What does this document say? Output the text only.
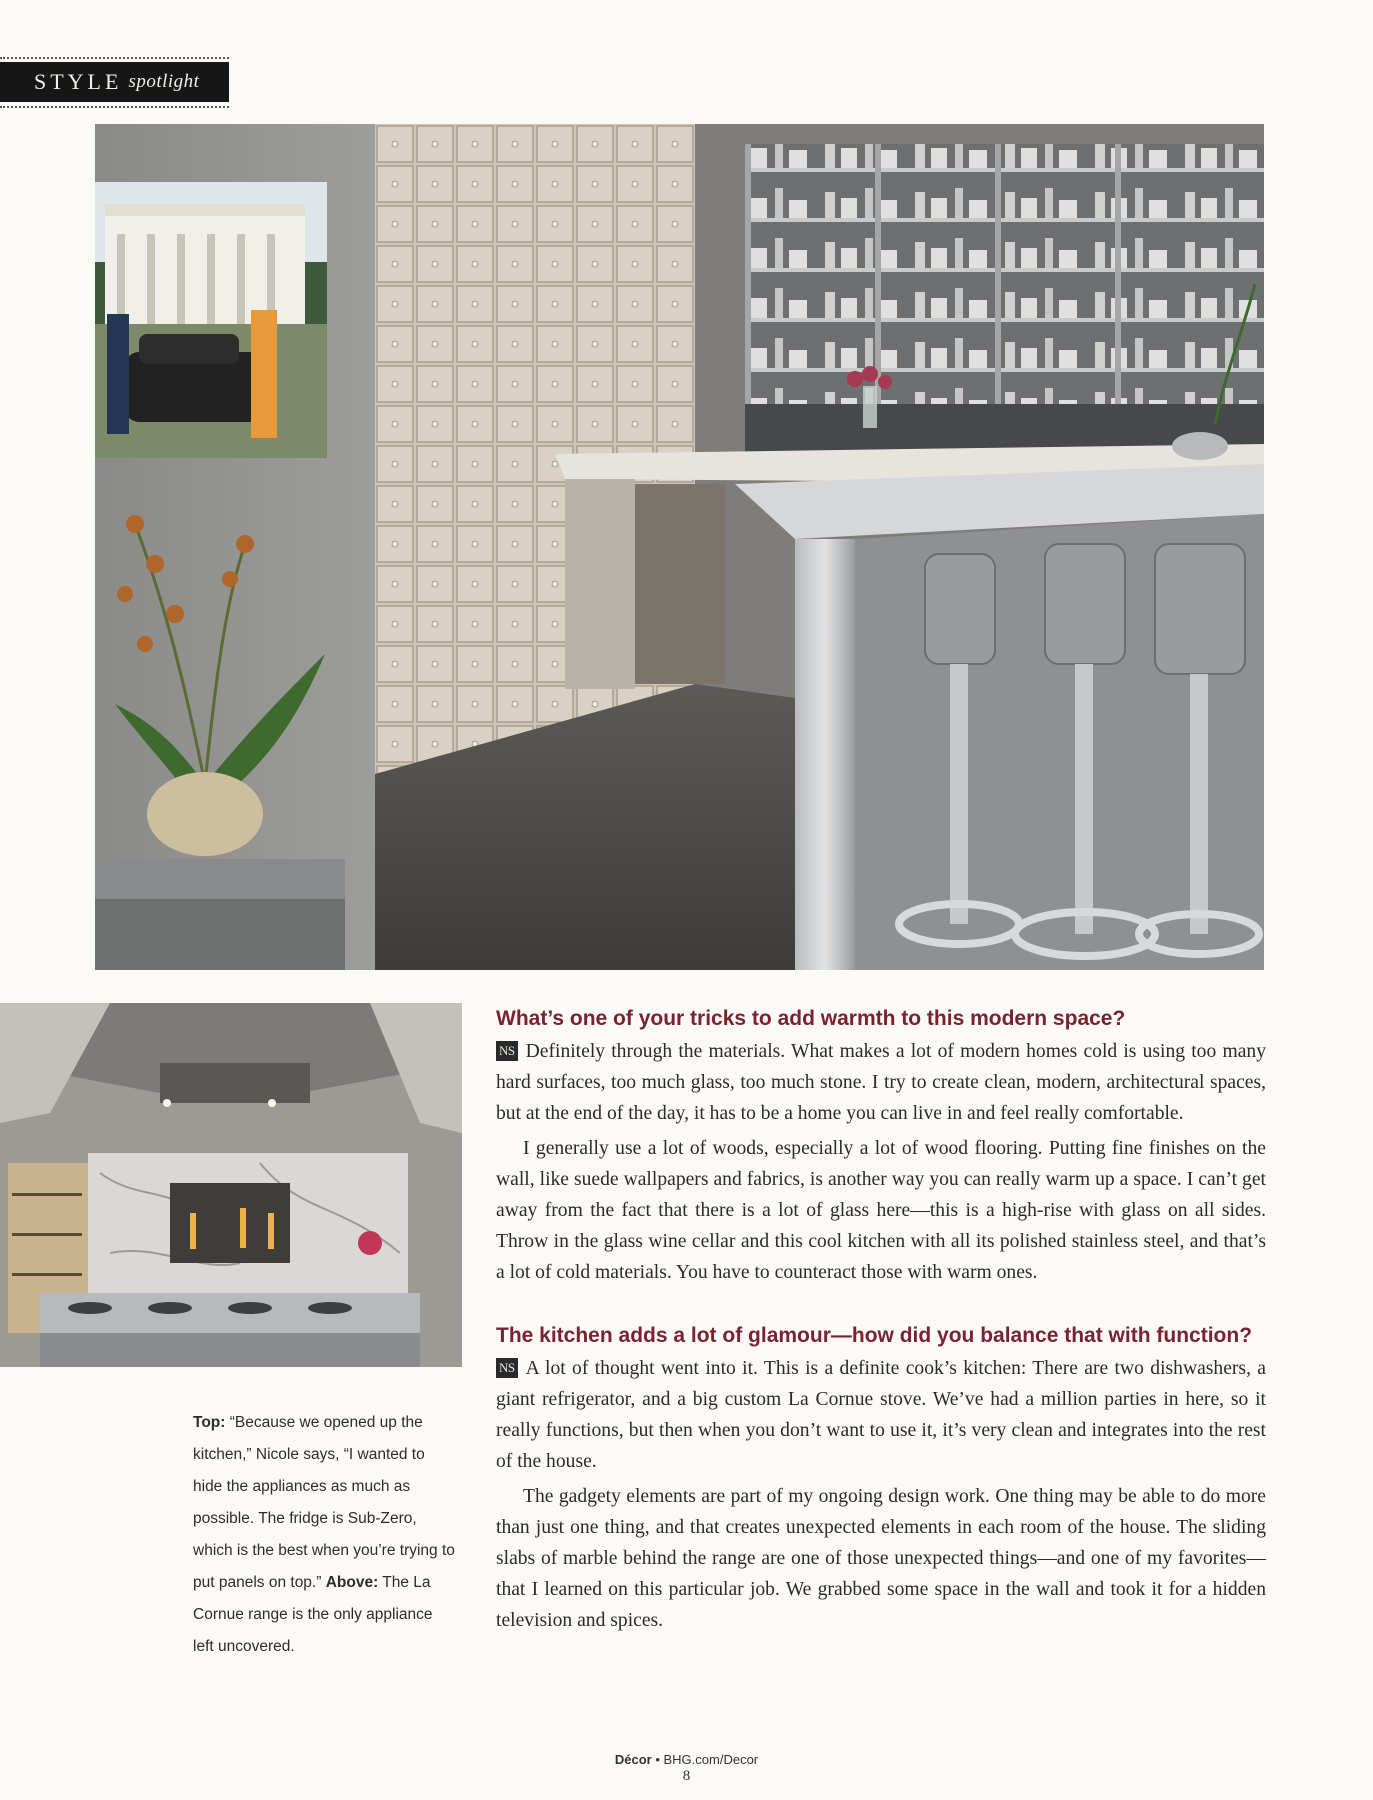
STYLE spotlight
Top: “Because we opened up the kitchen,” Nicole says, “I wanted to hide the appliances as much as possible. The fridge is Sub-Zero, which is the best when you’re trying to put panels on top.” Above: The La Cornue range is the only appliance left uncovered.
What’s one of your tricks to add warmth to this modern space?

NS Definitely through the materials. What makes a lot of modern homes cold is using too many hard surfaces, too much glass, too much stone. I try to create clean, modern, architectural spaces, but at the end of the day, it has to be a home you can live in and feel really comfortable.

I generally use a lot of woods, especially a lot of wood flooring. Putting fine finishes on the wall, like suede wallpapers and fabrics, is another way you can really warm up a space. I can’t get away from the fact that there is a lot of glass here—this is a high-rise with glass on all sides. Throw in the glass wine cellar and this cool kitchen with all its polished stainless steel, and that’s a lot of cold materials. You have to counteract those with warm ones.

The kitchen adds a lot of glamour—how did you balance that with function?

NS A lot of thought went into it. This is a definite cook’s kitchen: There are two dishwashers, a giant refrigerator, and a big custom La Cornue stove. We’ve had a million parties in here, so it really functions, but then when you don’t want to use it, it’s very clean and integrates into the rest of the house.

The gadgety elements are part of my ongoing design work. One thing may be able to do more than just one thing, and that creates unexpected elements in each room of the house. The sliding slabs of marble behind the range are one of those unexpected things—and one of my favorites—that I learned on this particular job. We grabbed some space in the wall and took it for a hidden television and spices.

Décor • BHG.com/Decor
8
